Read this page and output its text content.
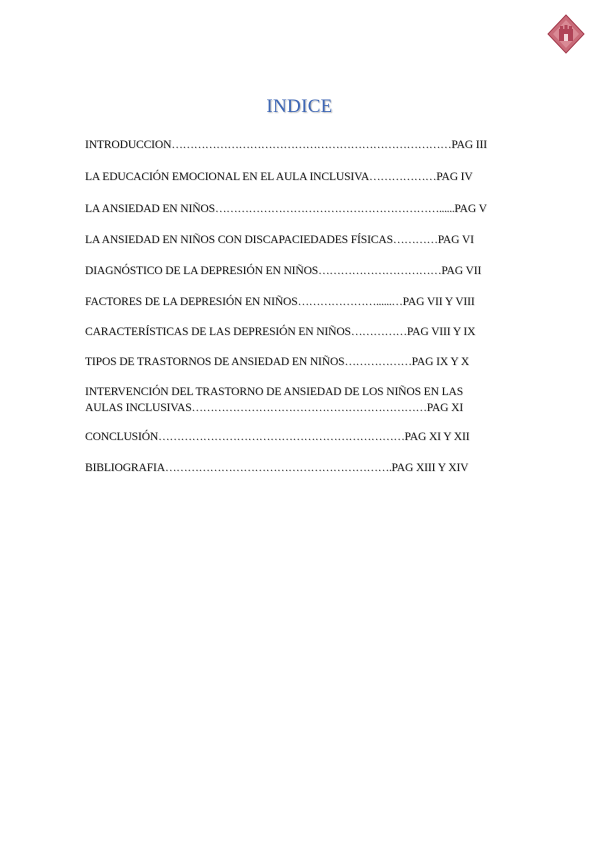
INDICE
INTRODUCCION…………………………………………………………………PAG III
LA EDUCACIÓN EMOCIONAL EN EL AULA INCLUSIVA………………PAG IV
LA ANSIEDAD EN NIÑOS……………………………………………………......PAG V
LA ANSIEDAD EN NIÑOS CON DISCAPACIEDADES FÍSICAS…………PAG VI
DIAGNÓSTICO DE LA DEPRESIÓN EN NIÑOS……………………………PAG VII
FACTORES DE LA DEPRESIÓN EN NIÑOS…………………......…PAG VII Y VIII
CARACTERÍSTICAS DE LAS DEPRESIÓN EN NIÑOS……………PAG VIII Y IX
TIPOS DE TRASTORNOS DE ANSIEDAD EN NIÑOS………………PAG IX Y X
INTERVENCIÓN DEL TRASTORNO DE ANSIEDAD DE LOS NIÑOS EN LAS
AULAS INCLUSIVAS………………………………………………………PAG XI
CONCLUSIÓN…………………………………………………………PAG XI Y XII
BIBLIOGRAFIA…………………………………………………….PAG XIII Y XIV
